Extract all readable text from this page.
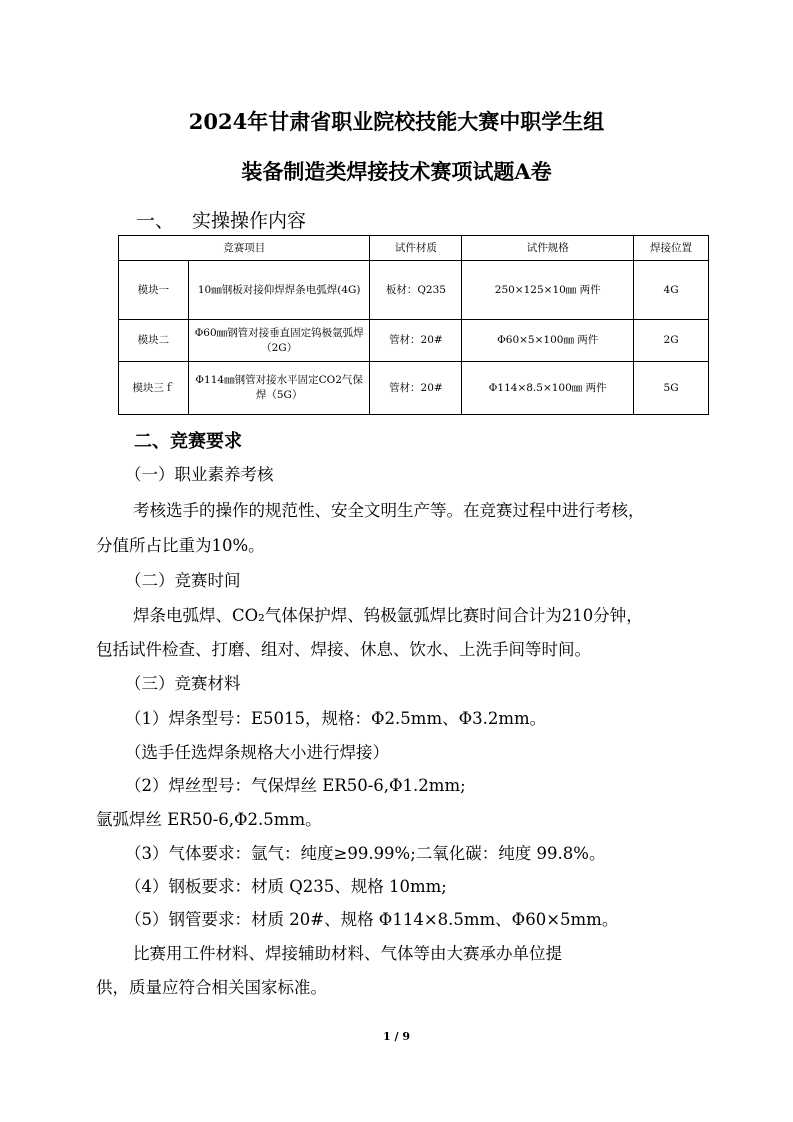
2024年甘肃省职业院校技能大赛中职学生组
装备制造类焊接技术赛项试题A卷
一、 实操操作内容
竞赛项目		试件材质	试件规格	焊接位置
模块一	10㎜钢板对接仰焊焊条电弧焊(4G)	板材：Q235	250×125×10㎜ 两件	4G
模块二	Φ60㎜钢管对接垂直固定钨极氩弧焊（2G）	管材：20#	Φ60×5×100㎜ 两件	2G
模块三ｆ	Φ114㎜钢管对接水平固定CO2气保焊（5G）	管材：20#	Φ114×8.5×100㎜ 两件	5G
二、竞赛要求
（一）职业素养考核
考核选手的操作的规范性、安全文明生产等。在竞赛过程中进行考核，
分值所占比重为10%。
（二）竞赛时间
焊条电弧焊、CO₂气体保护焊、钨极氩弧焊比赛时间合计为210分钟，
包括试件检查、打磨、组对、焊接、休息、饮水、上洗手间等时间。
（三）竞赛材料
（1）焊条型号：E5015，规格：Φ2.5mm、Φ3.2mm。
（选手任选焊条规格大小进行焊接）
（2）焊丝型号：气保焊丝 ER50-6,Φ1.2mm;
氩弧焊丝 ER50-6,Φ2.5mm。
（3）气体要求：氩气：纯度≥99.99%;二氧化碳：纯度 99.8%。
（4）钢板要求：材质 Q235、规格 10mm;
（5）钢管要求：材质 20#、规格 Φ114×8.5mm、Φ60×5mm。
比赛用工件材料、焊接辅助材料、气体等由大赛承办单位提
供，质量应符合相关国家标准。
1 / 9
